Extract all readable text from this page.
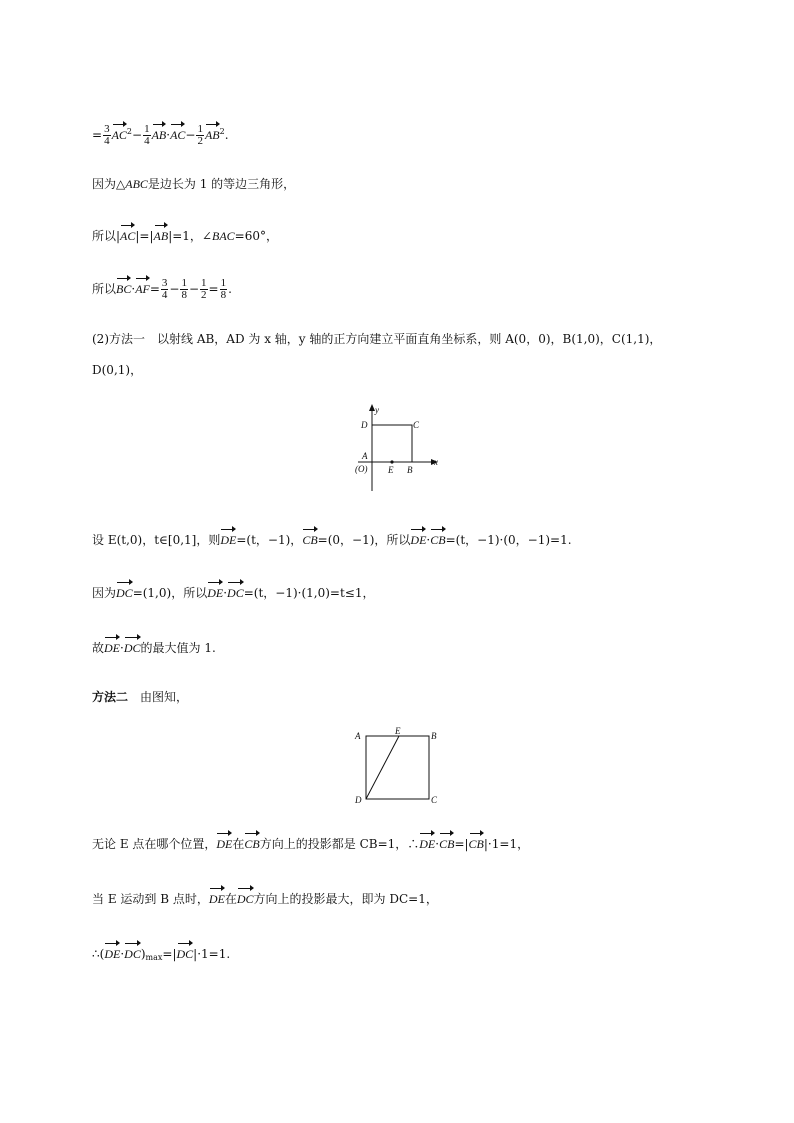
= $\frac{3}{4} AC^2- \frac{1}{4} AB\cdot AC- \frac{1}{2} AB^2$.
因为△ABC是边长为 1 的等边三角形，
所以|AC|=|AB|=1，∠BAC=60°，
所以$BC\cdot AF= \frac{3}{4} - \frac{1}{8} - \frac{1}{2} = \frac{1}{8}$ .
(2)方法一　以射线 AB，AD 为 x 轴，y 轴的正方向建立平面直角坐标系，则 A(0，0)，B(1,0)，C(1,1)，
D(0,1)，
y
x
D	C
A
(O) E B
设 E(t,0)，t∈[0,1]，则DE=(t，−1)，CB=(0，−1)，所以DE·CB=(t，−1)·(0，−1)=1.
因为DC=(1,0)，所以DE·DC=(t，−1)·(1,0)=t≤1，
故DE·DC的最大值为 1.
方法二　由图知，
A	E	B
D	C
无论 E 点在哪个位置，DE在CB方向上的投影都是 CB=1，∴DE·CB=|CB|·1=1，
当 E 运动到 B 点时，DE在DC方向上的投影最大，即为 DC=1，
$\therefore(DE\cdot DC)_{max}=|DC|\cdot 1=1$.
